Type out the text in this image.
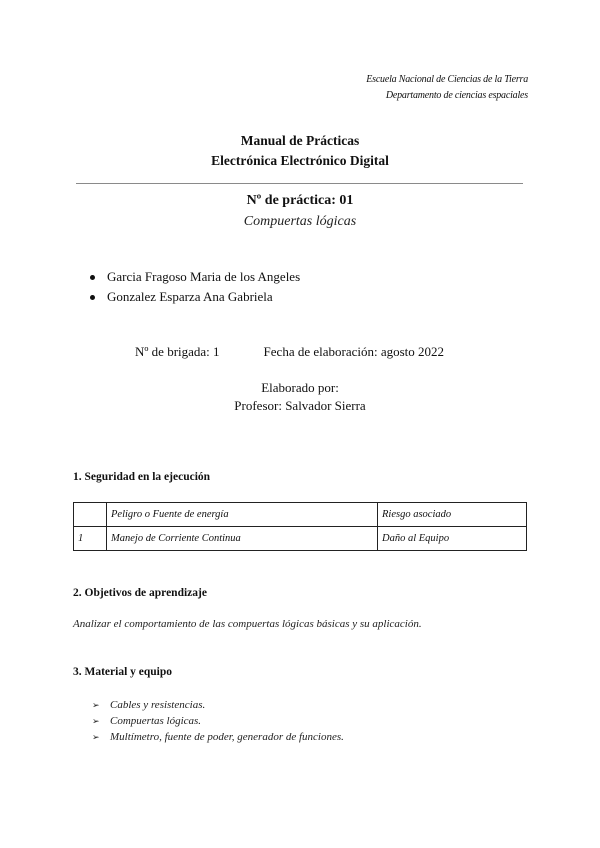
Escuela Nacional de Ciencias de la Tierra
Departamento de ciencias espaciales
Manual de Prácticas
Electrónica Electrónico Digital
Nº de práctica: 01
Compuertas lógicas
Garcia Fragoso Maria de los Angeles
Gonzalez Esparza Ana Gabriela
Nº de brigada: 1	Fecha de elaboración: agosto 2022
Elaborado por:
Profesor: Salvador Sierra
1. Seguridad en la ejecución
	Peligro o Fuente de energía	Riesgo asociado
1	Manejo de Corriente Continua	Daño al Equipo
2. Objetivos de aprendizaje
Analizar el comportamiento de las compuertas lógicas básicas y su aplicación.
3. Material y equipo
➢ Cables y resistencias.
➢ Compuertas lógicas.
➢ Multímetro, fuente de poder, generador de funciones.
